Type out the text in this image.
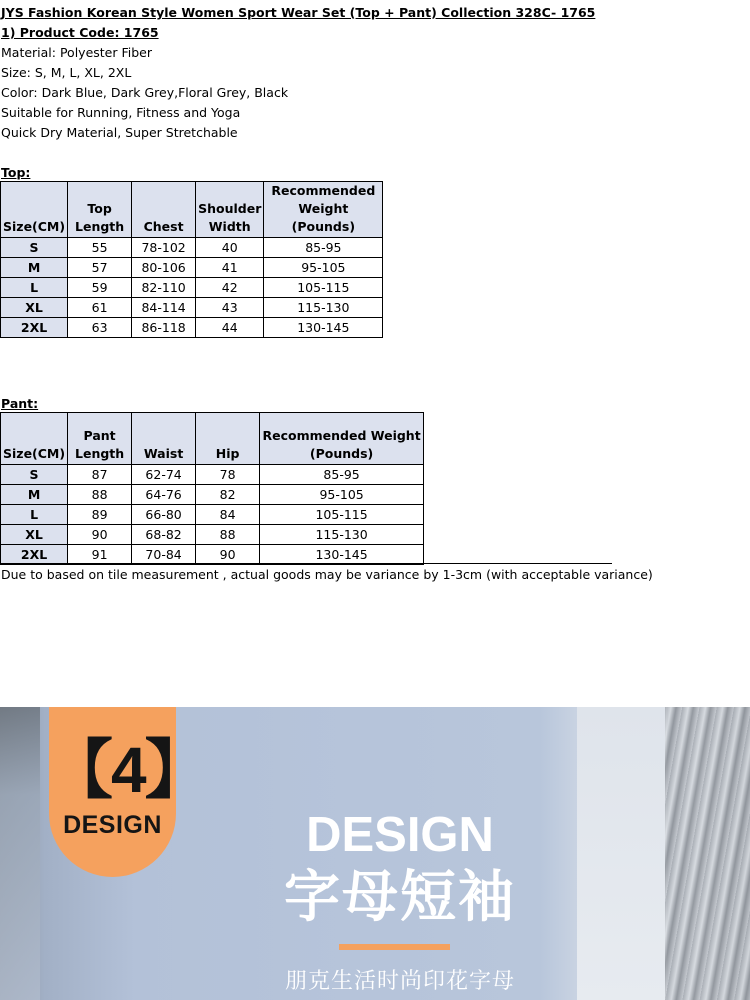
JYS Fashion Korean Style Women Sport Wear Set (Top + Pant) Collection 328C- 1765
1) Product Code: 1765
Material: Polyester Fiber
Size: S, M, L, XL, 2XL
Color: Dark Blue, Dark Grey,Floral Grey, Black
Suitable for Running, Fitness and Yoga
Quick Dry Material, Super Stretchable
Top:
Size(CM)	Top Length	Chest	Shoulder Width	Recommended Weight (Pounds)
S	55	78-102	40	85-95
M	57	80-106	41	95-105
L	59	82-110	42	105-115
XL	61	84-114	43	115-130
2XL	63	86-118	44	130-145
Pant:
Size(CM)	Pant Length	Waist	Hip	Recommended Weight (Pounds)
S	87	62-74	78	85-95
M	88	64-76	82	95-105
L	89	66-80	84	105-115
XL	90	68-82	88	115-130
2XL	91	70-84	90	130-145
Due to based on tile measurement , actual goods may be variance by 1-3cm (with acceptable variance)
【4】
DESIGN	DESIGN
字母短袖
朋克生活时尚印花字母
